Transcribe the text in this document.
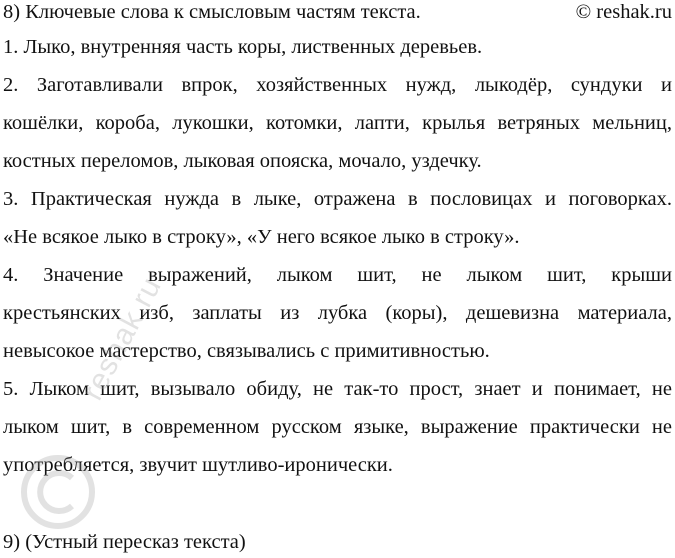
8) Ключевые слова к смысловым частям текста.	© reshak.ru
1. Лыко, внутренняя часть коры, лиственных деревьев.
2. Заготавливали впрок, хозяйственных нужд, лыкодёр, сундуки и
кошёлки, короба, лукошки, котомки, лапти, крылья ветряных мельниц,
костных переломов, лыковая опояска, мочало, уздечку.
3. Практическая нужда в лыке, отражена в пословицах и поговорках.
«Не всякое лыко в строку», «У него всякое лыко в строку».
4. Значение выражений, лыком шит, не лыком шит, крыши
крестьянских изб, заплаты из лубка (коры), дешевизна материала,
невысокое мастерство, связывались с примитивностью.
5. Лыком шит, вызывало обиду, не так-то прост, знает и понимает, не
лыком шит, в современном русском языке, выражение практически не
употребляется, звучит шутливо-иронически.
9) (Устный пересказ текста)
reshak.ru
